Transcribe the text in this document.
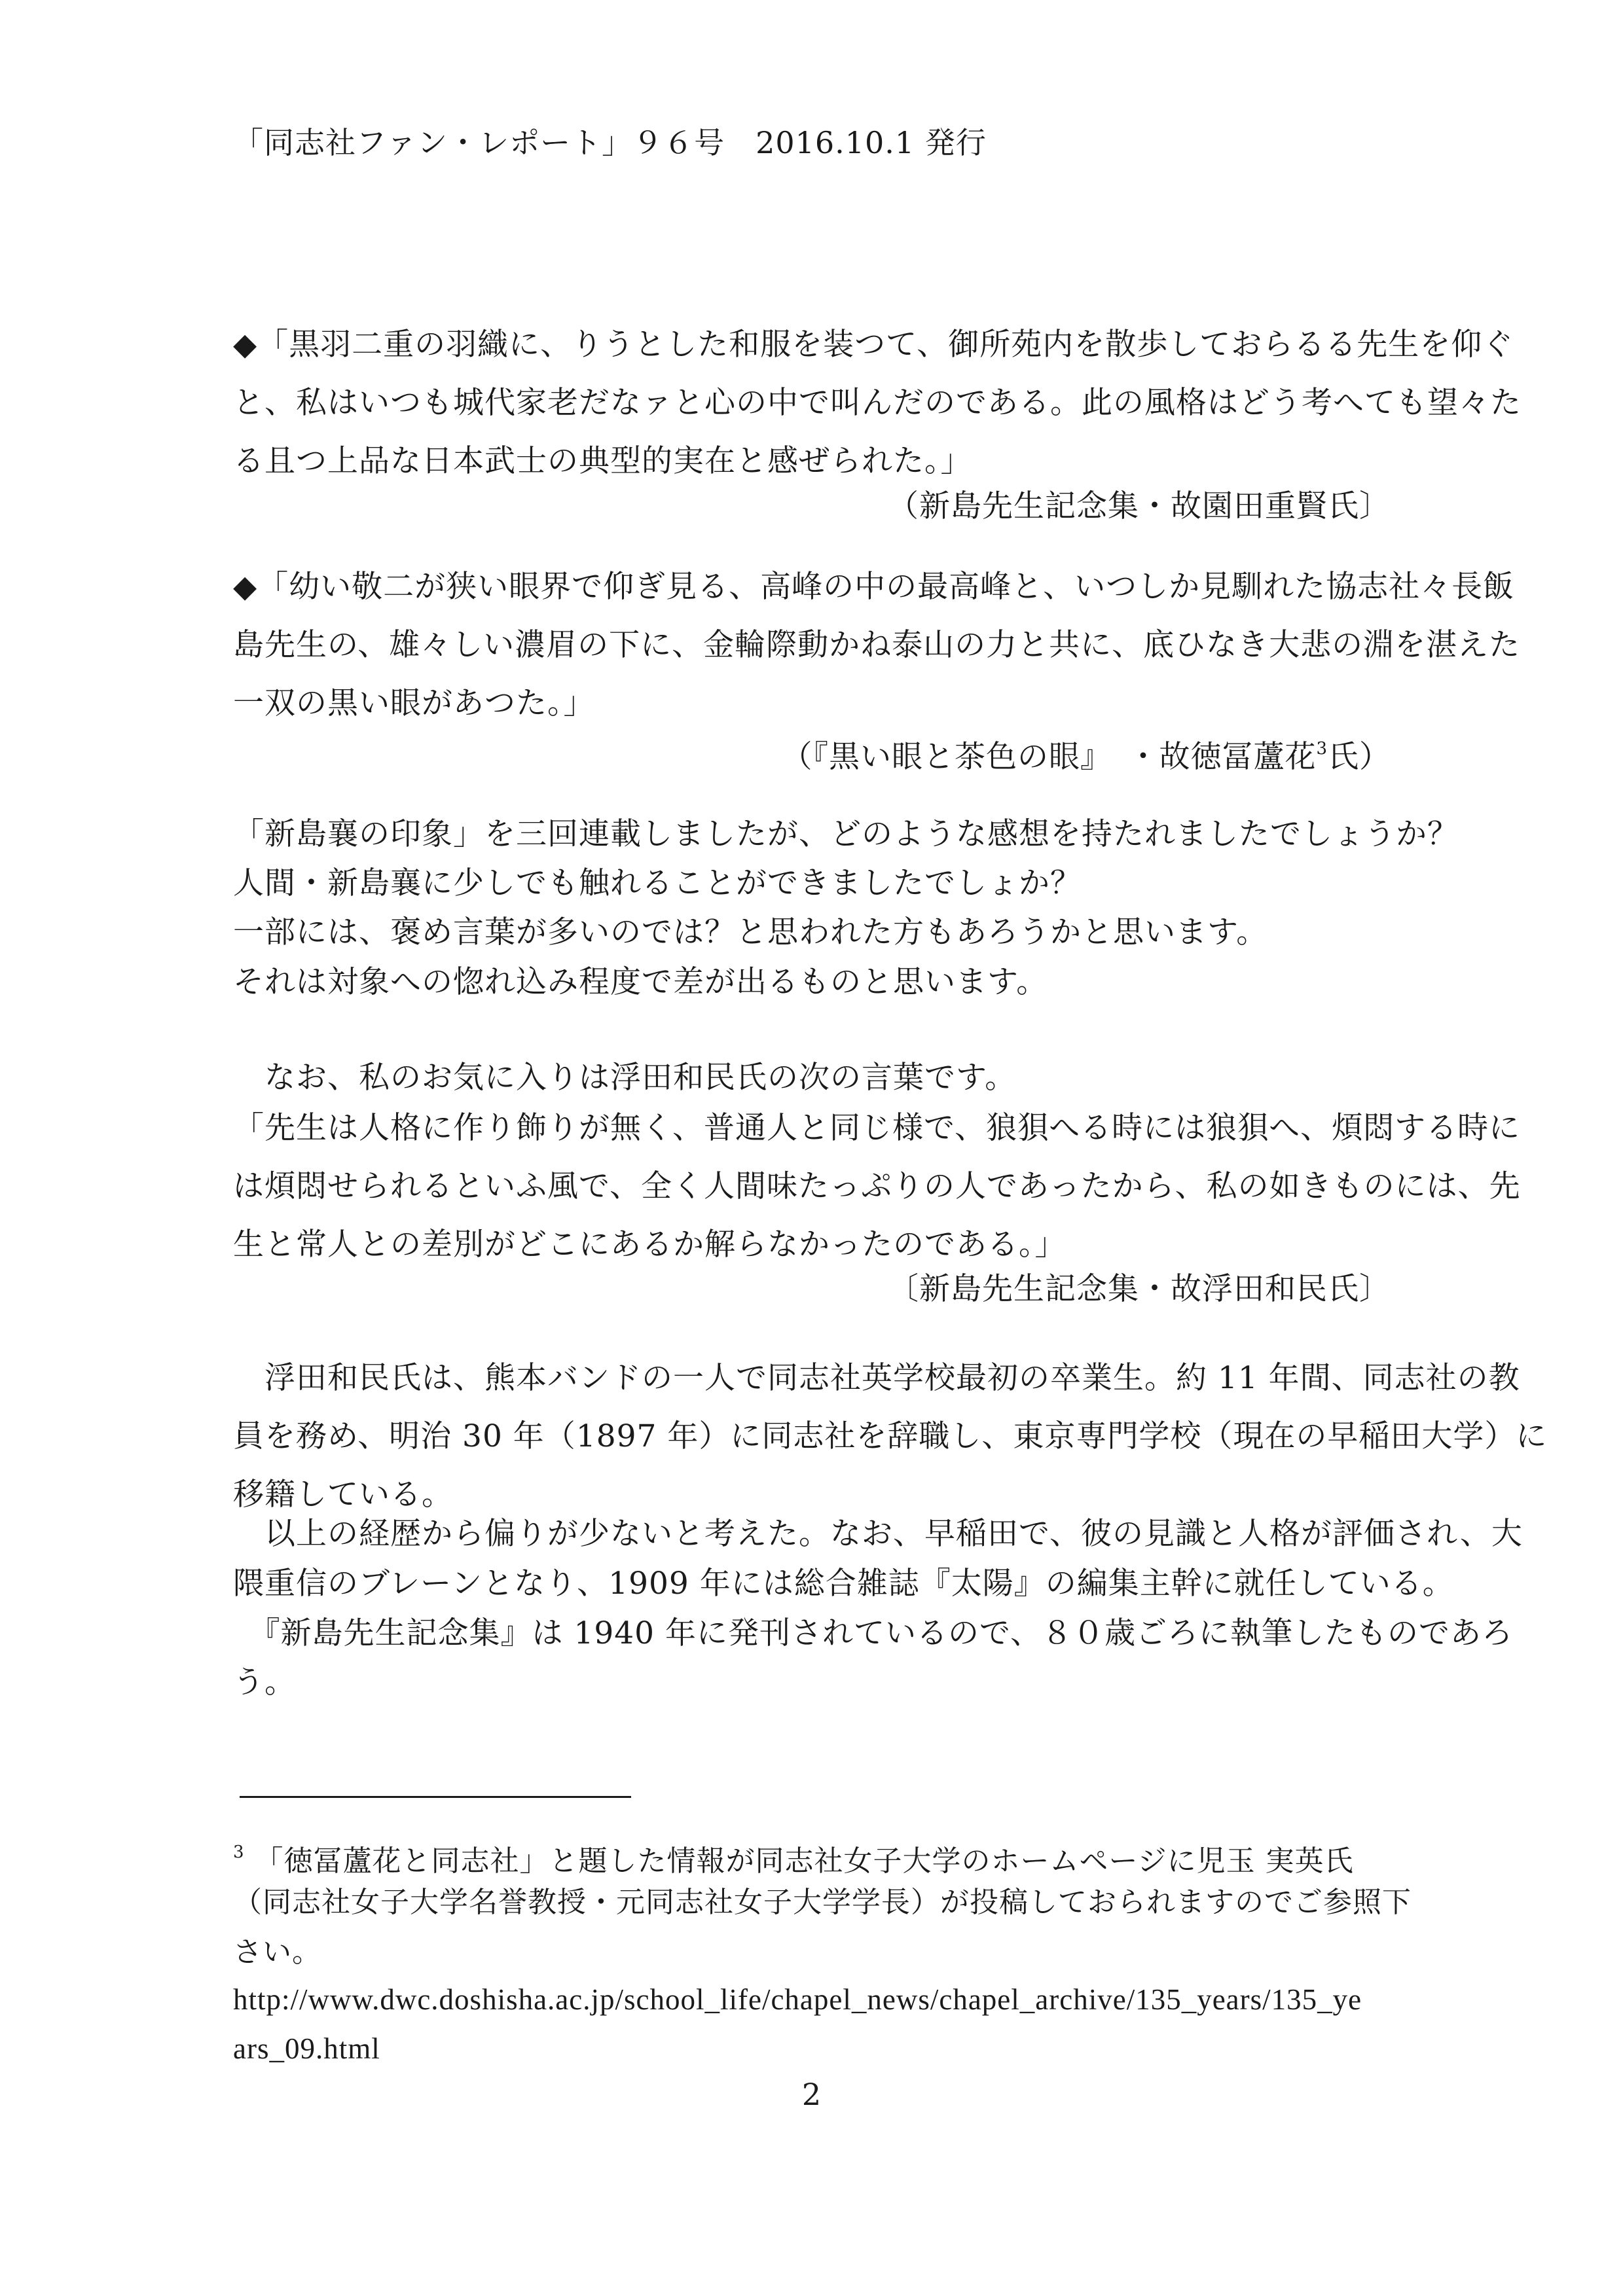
「同志社ファン・レポート」９６号　2016.10.1 発行
◆「黒羽二重の羽織に、りうとした和服を装つて、御所苑内を散歩しておらるる先生を仰ぐ
と、私はいつも城代家老だなァと心の中で叫んだのである。此の風格はどう考へても望々た
る且つ上品な日本武士の典型的実在と感ぜられた。」
（新島先生記念集・故園田重賢氏〕
◆「幼い敬二が狭い眼界で仰ぎ見る、高峰の中の最高峰と、いつしか見馴れた協志社々長飯
島先生の、雄々しい濃眉の下に、金輪際動かね泰山の力と共に、底ひなき大悲の淵を湛えた
一双の黒い眼があつた。」
（『黒い眼と茶色の眼』　・故徳冨蘆花$^3$氏）
「新島襄の印象」を三回連載しましたが、どのような感想を持たれましたでしょうか？
人間・新島襄に少しでも触れることができましたでしょか？
一部には、褒め言葉が多いのでは？と思われた方もあろうかと思います。
それは対象への惚れ込み程度で差が出るものと思います。
　なお、私のお気に入りは浮田和民氏の次の言葉です。
「先生は人格に作り飾りが無く、普通人と同じ様で、狼狽へる時には狼狽へ、煩悶する時に
は煩悶せられるといふ風で、全く人間味たっぷりの人であったから、私の如きものには、先
生と常人との差別がどこにあるか解らなかったのである。」
〔新島先生記念集・故浮田和民氏〕
　浮田和民氏は、熊本バンドの一人で同志社英学校最初の卒業生。約 11 年間、同志社の教
員を務め、明治 30 年（1897 年）に同志社を辞職し、東京専門学校（現在の早稲田大学）に
移籍している。
　以上の経歴から偏りが少ないと考えた。なお、早稲田で、彼の見識と人格が評価され、大
隈重信のブレーンとなり、1909 年には総合雑誌『太陽』の編集主幹に就任している。
　『新島先生記念集』は 1940 年に発刊されているので、８０歳ごろに執筆したものであろ
う。
$^3$ 「徳冨蘆花と同志社」と題した情報が同志社女子大学のホームページに児玉 実英氏
（同志社女子大学名誉教授・元同志社女子大学学長）が投稿しておられますのでご参照下
さい。
http://www.dwc.doshisha.ac.jp/school_life/chapel_news/chapel_archive/135_years/135_ye
ars_09.html
2
